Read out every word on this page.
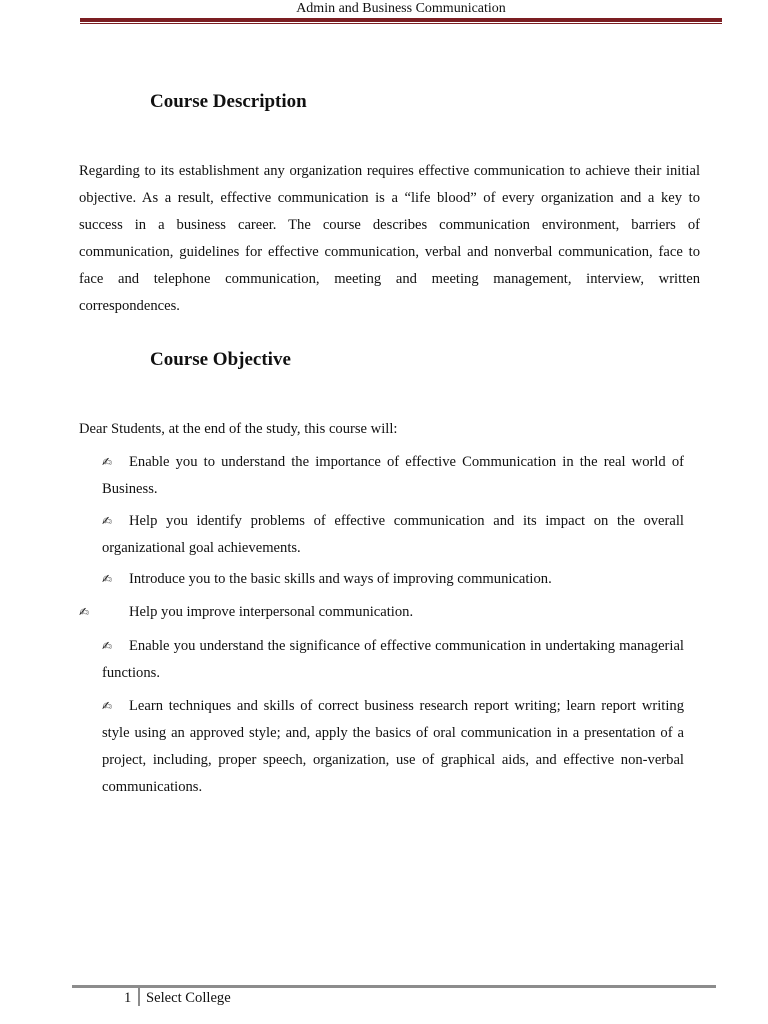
Admin and Business Communication
Course Description

Regarding to its establishment any organization requires effective communication to achieve their initial objective. As a result, effective communication is a “life blood” of every organization and a key to success in a business career. The course describes communication environment, barriers of communication, guidelines for effective communication, verbal and nonverbal communication, face to face and telephone communication, meeting and meeting management, interview, written correspondences.

Course Objective

Dear Students, at the end of the study, this course will:

✍ Enable you to understand the importance of effective Communication in the real world of Business.

✍ Help you identify problems of effective communication and its impact on the overall organizational goal achievements.

✍ Introduce you to the basic skills and ways of improving communication.

✍	Help you improve interpersonal communication.

✍ Enable you understand the significance of effective communication in undertaking managerial functions.

✍ Learn techniques and skills of correct business research report writing; learn report writing style using an approved style; and, apply the basics of oral communication in a presentation of a project, including, proper speech, organization, use of graphical aids, and effective non-verbal communications.

1 Select College
